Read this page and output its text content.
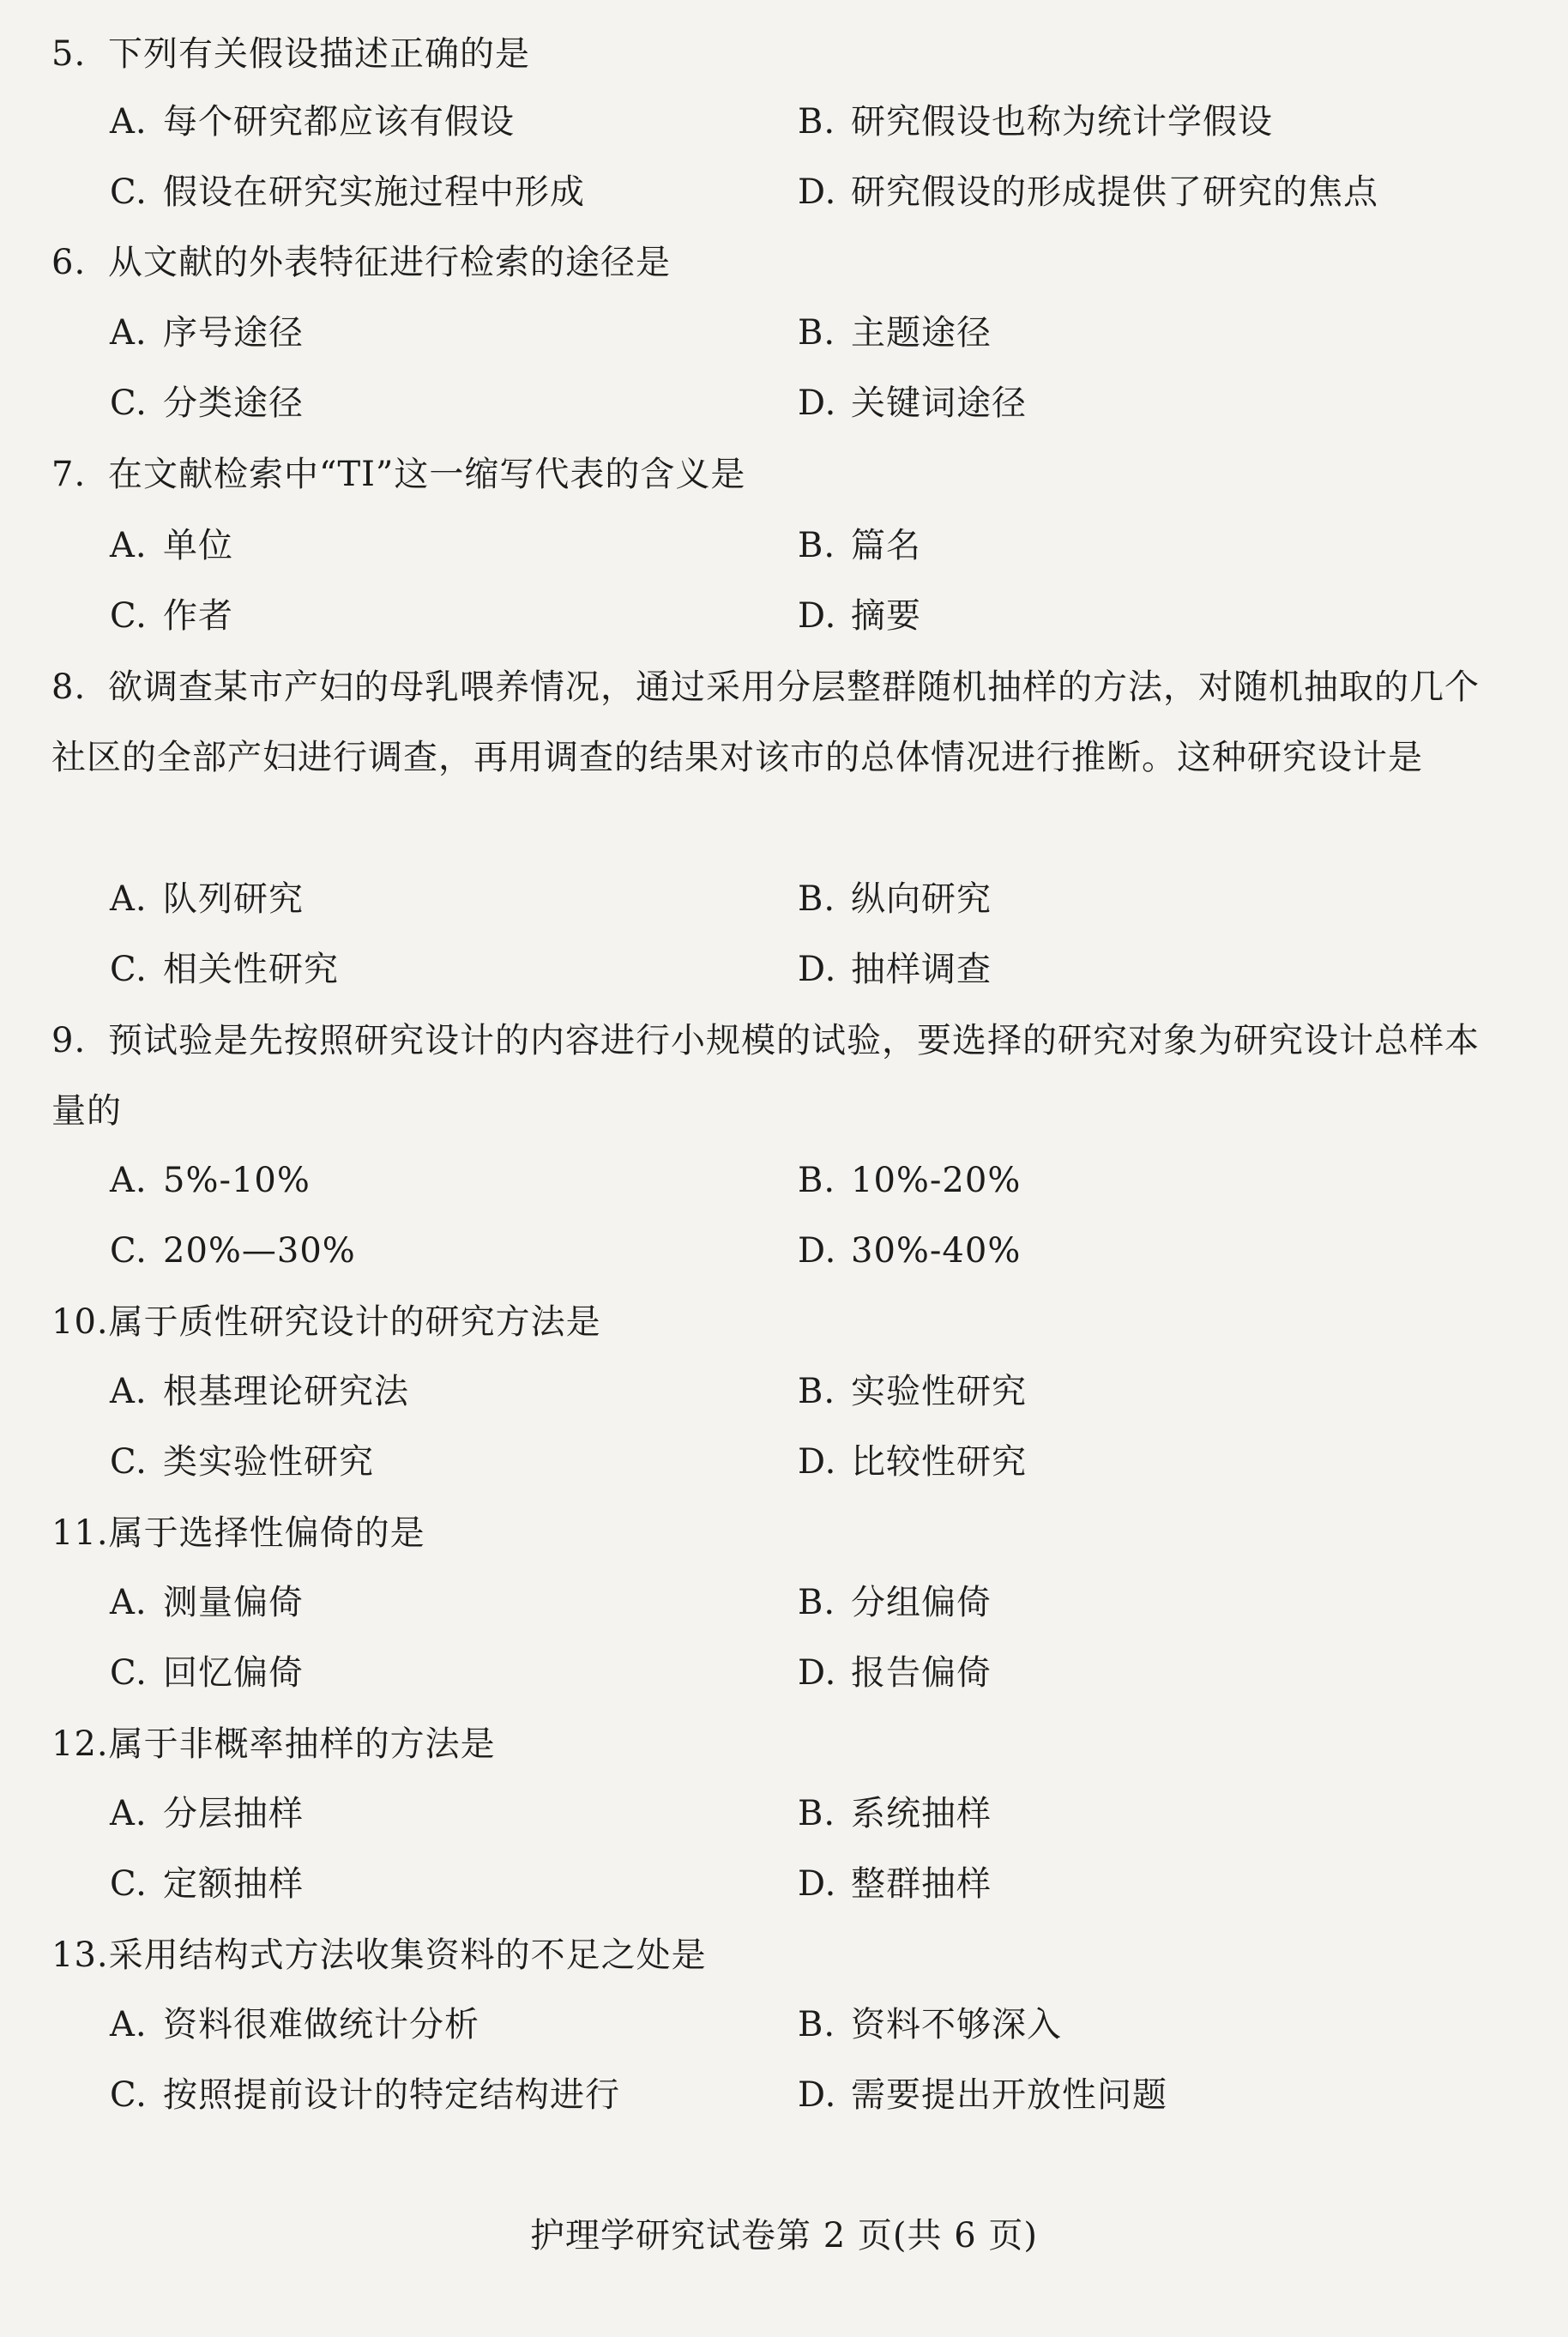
5. 下列有关假设描述正确的是
A. 每个研究都应该有假设	B. 研究假设也称为统计学假设
C. 假设在研究实施过程中形成	D. 研究假设的形成提供了研究的焦点
6. 从文献的外表特征进行检索的途径是
A. 序号途径	B. 主题途径
C. 分类途径	D. 关键词途径
7. 在文献检索中“TI”这一缩写代表的含义是
A. 单位	B. 篇名
C. 作者	D. 摘要
8. 欲调查某市产妇的母乳喂养情况，通过采用分层整群随机抽样的方法，对随机抽取的几个社区的全部产妇进行调查，再用调查的结果对该市的总体情况进行推断。这种研究设计是
A. 队列研究	B. 纵向研究
C. 相关性研究	D. 抽样调查
9. 预试验是先按照研究设计的内容进行小规模的试验，要选择的研究对象为研究设计总样本量的
A. 5%-10%	B. 10%-20%
C. 20%—30%	D. 30%-40%
10.属于质性研究设计的研究方法是
A. 根基理论研究法	B. 实验性研究
C. 类实验性研究	D. 比较性研究
11.属于选择性偏倚的是
A. 测量偏倚	B. 分组偏倚
C. 回忆偏倚	D. 报告偏倚
12.属于非概率抽样的方法是
A. 分层抽样	B. 系统抽样
C. 定额抽样	D. 整群抽样
13.采用结构式方法收集资料的不足之处是
A. 资料很难做统计分析	B. 资料不够深入
C. 按照提前设计的特定结构进行	D. 需要提出开放性问题
护理学研究试卷第 2 页(共 6 页)
